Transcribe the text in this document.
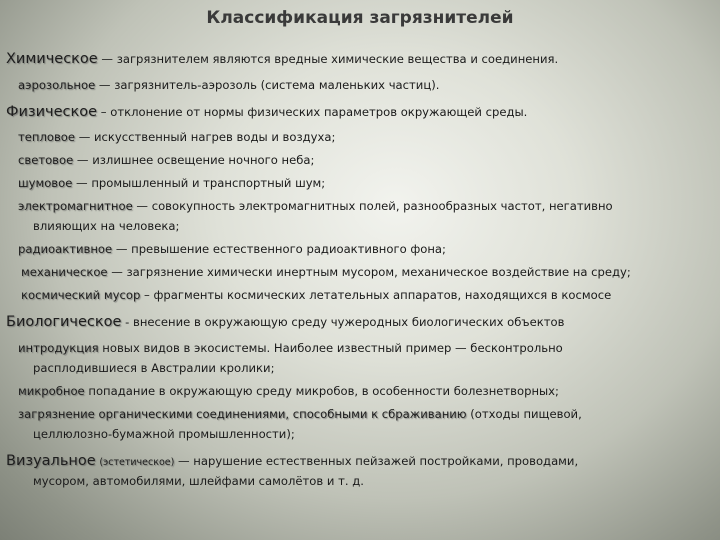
Классификация загрязнителей
Химическое — загрязнителем являются вредные химические вещества и соединения.
аэрозольное — загрязнитель-аэрозоль (система маленьких частиц).
Физическое – отклонение от нормы физических параметров окружающей среды.
тепловое — искусственный нагрев воды и воздуха;
световое — излишнее освещение ночного неба;
шумовое — промышленный и транспортный шум;
электромагнитное — совокупность электромагнитных полей, разнообразных частот, негативно
влияющих на человека;
радиоактивное — превышение естественного радиоактивного фона;
механическое — загрязнение химически инертным мусором, механическое воздействие на среду;
космический мусор – фрагменты космических летательных аппаратов, находящихся в космосе
Биологическое - внесение в окружающую среду чужеродных биологических объектов
интродукция новых видов в экосистемы. Наиболее известный пример — бесконтрольно
расплодившиеся в Австралии кролики;
микробное попадание в окружающую среду микробов, в особенности болезнетворных;
загрязнение органическими соединениями, способными к сбраживанию (отходы пищевой,
целлюлозно-бумажной промышленности);
Визуальное (эстетическое) — нарушение естественных пейзажей постройками, проводами,
мусором, автомобилями, шлейфами самолётов и т. д.
